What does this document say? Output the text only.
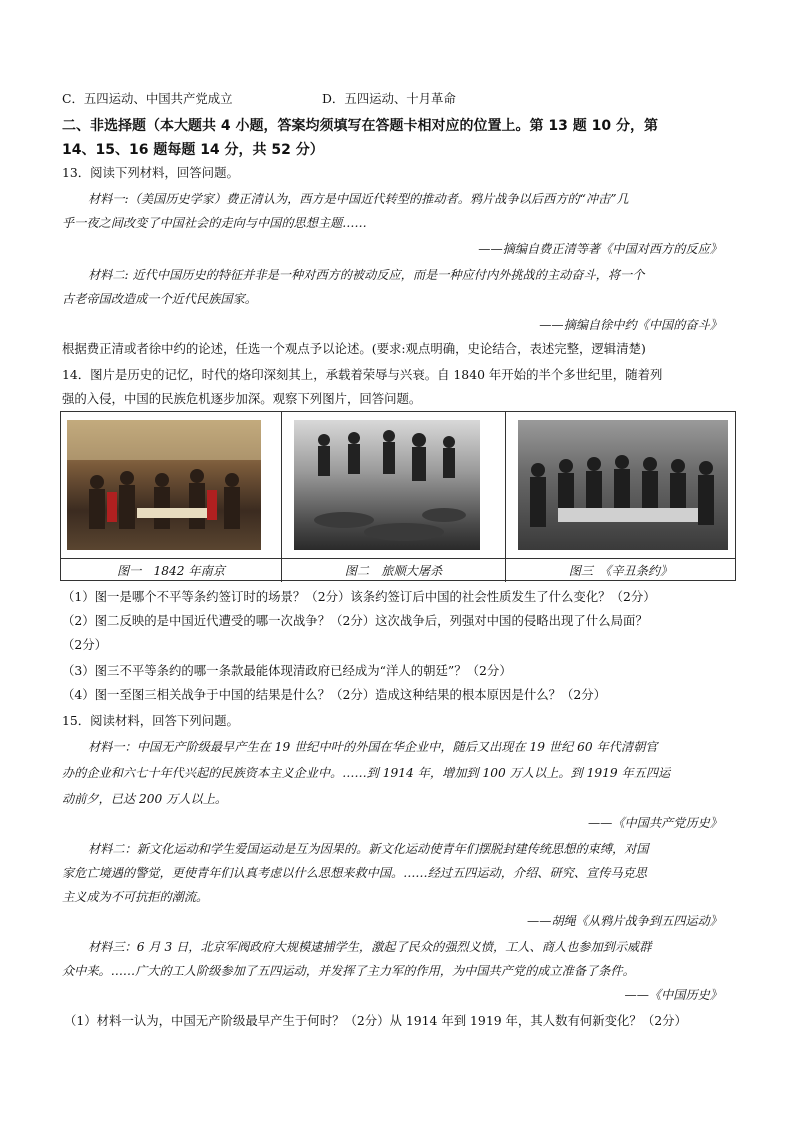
C．五四运动、中国共产党成立	D．五四运动、十月革命
二、非选择题（本大题共 4 小题，答案均须填写在答题卡相对应的位置上。第 13 题 10 分，第
14、15、16 题每题 14 分，共 52 分）
13．阅读下列材料，回答问题。
材料一:（美国历史学家）费正清认为，西方是中国近代转型的推动者。鸦片战争以后西方的“冲击”几
乎一夜之间改变了中国社会的走向与中国的思想主题……
——摘编自费正清等著《中国对西方的反应》
材料二: 近代中国历史的特征并非是一种对西方的被动反应，而是一种应付内外挑战的主动奋斗，将一个
古老帝国改造成一个近代民族国家。
——摘编自徐中约《中国的奋斗》
根据费正清或者徐中约的论述，任选一个观点予以论述。(要求:观点明确，史论结合，表述完整，逻辑清楚)
14．图片是历史的记忆，时代的烙印深刻其上，承载着荣辱与兴衰。自 1840 年开始的半个多世纪里，随着列
强的入侵，中国的民族危机逐步加深。观察下列图片，回答问题。
图一　1842 年南京	图二　旅顺大屠杀	图三　《辛丑条约》
（1）图一是哪个不平等条约签订时的场景？（2分）该条约签订后中国的社会性质发生了什么变化？（2分）
（2）图二反映的是中国近代遭受的哪一次战争？（2分）这次战争后，列强对中国的侵略出现了什么局面？
（2分）
（3）图三不平等条约的哪一条款最能体现清政府已经成为“洋人的朝廷”？（2分）
（4）图一至图三相关战争于中国的结果是什么？（2分）造成这种结果的根本原因是什么？（2分）
15．阅读材料，回答下列问题。
材料一：中国无产阶级最早产生在 19 世纪中叶的外国在华企业中，随后又出现在 19 世纪 60 年代清朝官
办的企业和六七十年代兴起的民族资本主义企业中。……到 1914 年，增加到 100 万人以上。到 1919 年五四运
动前夕，已达 200 万人以上。
——《中国共产党历史》
材料二：新文化运动和学生爱国运动是互为因果的。新文化运动使青年们摆脱封建传统思想的束缚，对国
家危亡境遇的警觉，更使青年们认真考虑以什么思想来救中国。……经过五四运动，介绍、研究、宣传马克思
主义成为不可抗拒的潮流。
——胡绳《从鸦片战争到五四运动》
材料三：6 月 3 日，北京军阀政府大规模逮捕学生，激起了民众的强烈义愤，工人、商人也参加到示威群
众中来。……广大的工人阶级参加了五四运动，并发挥了主力军的作用，为中国共产党的成立准备了条件。
——《中国历史》
（1）材料一认为，中国无产阶级最早产生于何时？（2分）从 1914 年到 1919 年，其人数有何新变化？（2分）
